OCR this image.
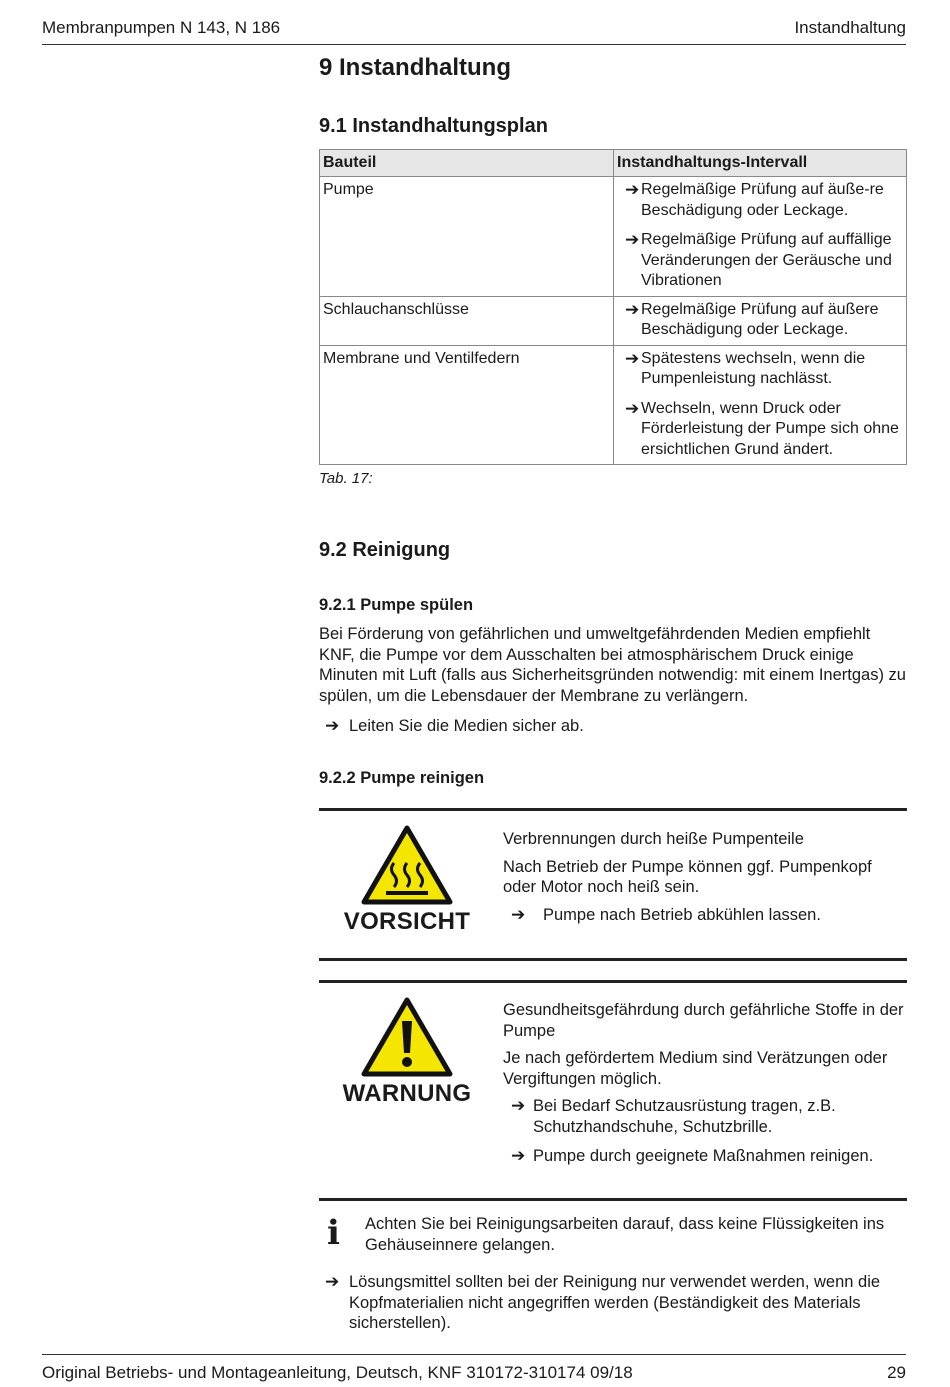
Membranpumpen N 143, N 186	Instandhaltung
9 Instandhaltung
9.1 Instandhaltungsplan
Bauteil	Instandhaltungs-Intervall
Pumpe	➔ Regelmäßige Prüfung auf äuße-re Beschädigung oder Leckage.
➔ Regelmäßige Prüfung auf auffällige Veränderungen der Geräusche und Vibrationen

Schlauchanschlüsse	➔ Regelmäßige Prüfung auf äußere Beschädigung oder Leckage.

Membrane und Ventilfedern	➔ Spätestens wechseln, wenn die Pumpenleistung nachlässt.
➔ Wechseln, wenn Druck oder Förderleistung der Pumpe sich ohne ersichtlichen Grund ändert.
Tab. 17:
9.2 Reinigung
9.2.1 Pumpe spülen
Bei Förderung von gefährlichen und umweltgefährdenden Medien empfiehlt KNF, die Pumpe vor dem Ausschalten bei atmosphärischem Druck einige Minuten mit Luft (falls aus Sicherheitsgründen notwendig: mit einem Inertgas) zu spülen, um die Lebensdauer der Membrane zu verlängern.
➔ Leiten Sie die Medien sicher ab.
9.2.2 Pumpe reinigen
VORSICHT

Verbrennungen durch heiße Pumpenteile

Nach Betrieb der Pumpe können ggf. Pumpenkopf oder Motor noch heiß sein.

➔	Pumpe nach Betrieb abkühlen lassen.
WARNUNG

Gesundheitsgefährdung durch gefährliche Stoffe in der Pumpe

Je nach gefördertem Medium sind Verätzungen oder Vergiftungen möglich.

➔ Bei Bedarf Schutzausrüstung tragen, z.B. Schutzhandschuhe, Schutzbrille.
➔ Pumpe durch geeignete Maßnahmen reinigen.
i Achten Sie bei Reinigungsarbeiten darauf, dass keine Flüssigkeiten ins Gehäuseinnere gelangen.
➔ Lösungsmittel sollten bei der Reinigung nur verwendet werden, wenn die Kopfmaterialien nicht angegriffen werden (Beständigkeit des Materials sicherstellen).
Original Betriebs- und Montageanleitung, Deutsch, KNF 310172-310174 09/18	29
